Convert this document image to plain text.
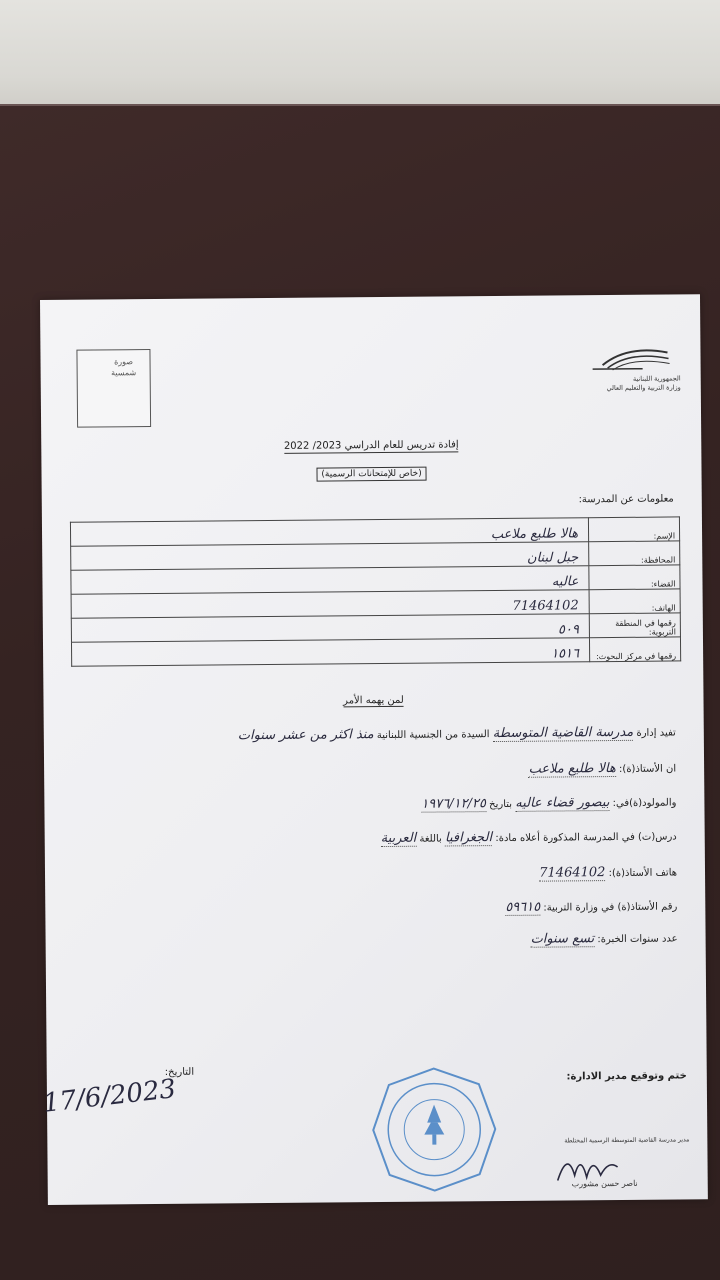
صورة شمسية
الجمهورية اللبنانية
وزارة التربية والتعليم العالي
إفادة تدريس للعام الدراسي 2023/ 2022
(خاص للإمتحانات الرسمية)
معلومات عن المدرسة:
الإسم:	هالا طليع ملاعب
المحافظة:	جبل لبنان
القضاء:	عاليه
الهاتف:	71464102
رقمها في المنطقة التربوية:	٥٠٩
رقمها في مركز البحوث:	١٥١٦
لمن يهمه الأمر
تفيد إدارة مدرسة القاضية المتوسطة السيدة من الجنسية اللبنانية منذ اكثر من عشر سنوات
ان الأستاذ(ة): هالا طليع ملاعب
والمولود(ة)في: بيصور قضاء عاليه بتاريخ ١٩٧٦/١٢/٢٥
درس(ت) في المدرسة المذكورة أعلاه مادة: الجغرافيا باللغة العربية
هاتف الأستاذ(ة): 71464102
رقم الأستاذ(ة) في وزارة التربية: ٥٩٦١٥
عدد سنوات الخبرة: تسع سنوات
التاريخ:
17/6/2023	ختم وتوقيع مدير الادارة:
مدير مدرسة القاضية المتوسطة الرسمية المختلطة
ناصر حسن مشورب
